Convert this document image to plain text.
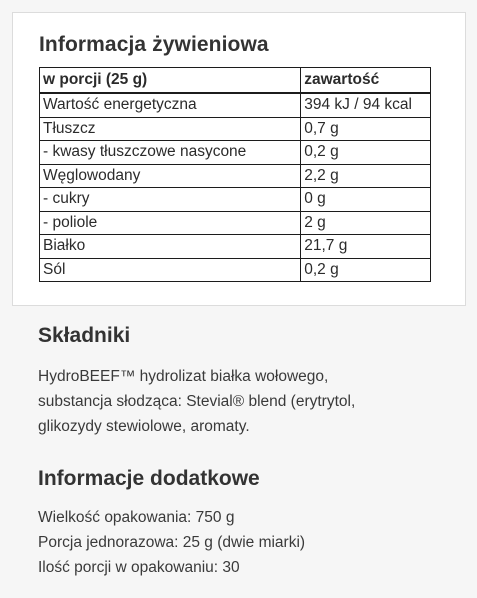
Informacja żywieniowa
w porcji (25 g)	zawartość
Wartość energetyczna	394 kJ / 94 kcal
Tłuszcz	0,7 g
- kwasy tłuszczowe nasycone	0,2 g
Węglowodany	2,2 g
- cukry	0 g
- poliole	2 g
Białko	21,7 g
Sól	0,2 g
Składniki

HydroBEEF™ hydrolizat białka wołowego,
substancja słodząca: Stevial® blend (erytrytol,
glikozydy stewiolowe, aromaty.

Informacje dodatkowe

Wielkość opakowania: 750 g
Porcja jednorazowa: 25 g (dwie miarki)
Ilość porcji w opakowaniu: 30
